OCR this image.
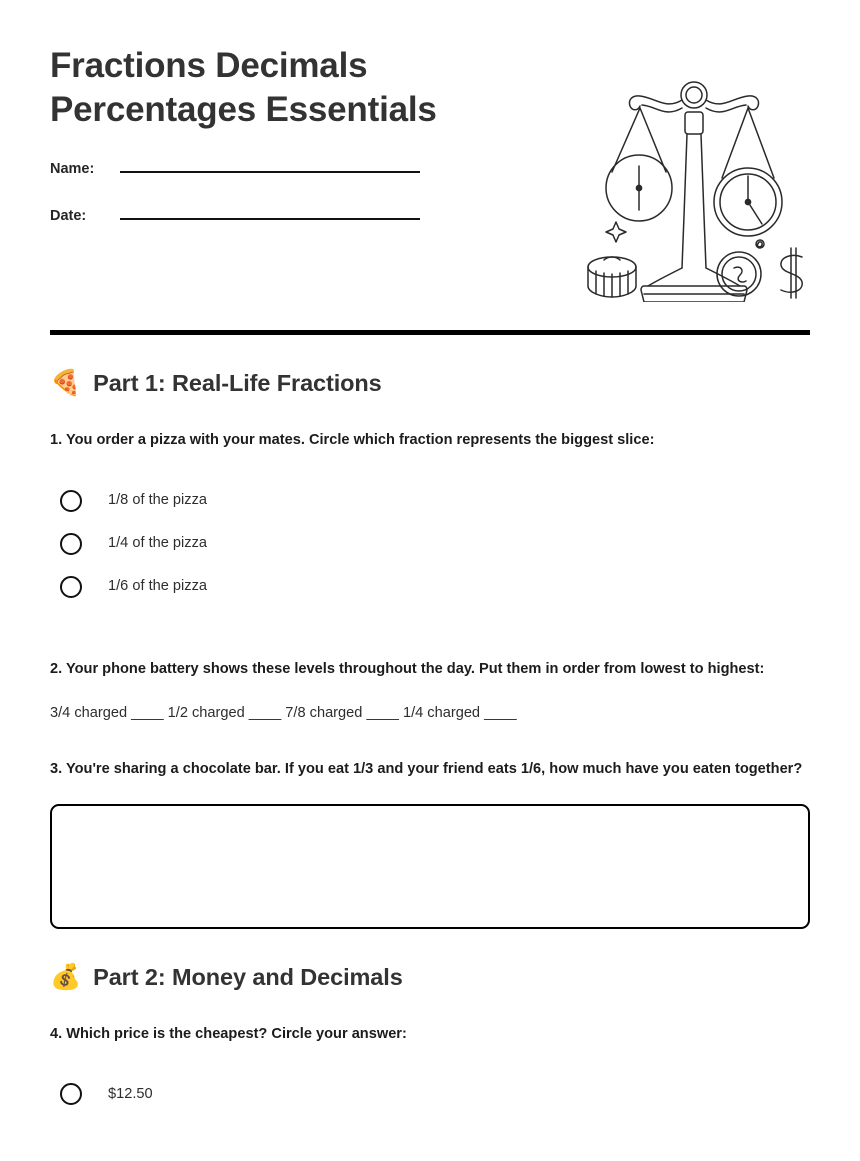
Fractions Decimals
Percentages Essentials
Name:
Date:
🍕 Part 1: Real-Life Fractions
1. You order a pizza with your mates. Circle which fraction represents the biggest slice:
1/8 of the pizza
1/4 of the pizza
1/6 of the pizza
2. Your phone battery shows these levels throughout the day. Put them in order from lowest to highest:
3/4 charged ____ 1/2 charged ____ 7/8 charged ____ 1/4 charged ____
3. You're sharing a chocolate bar. If you eat 1/3 and your friend eats 1/6, how much have you eaten together?
💰 Part 2: Money and Decimals
4. Which price is the cheapest? Circle your answer:
$12.50
